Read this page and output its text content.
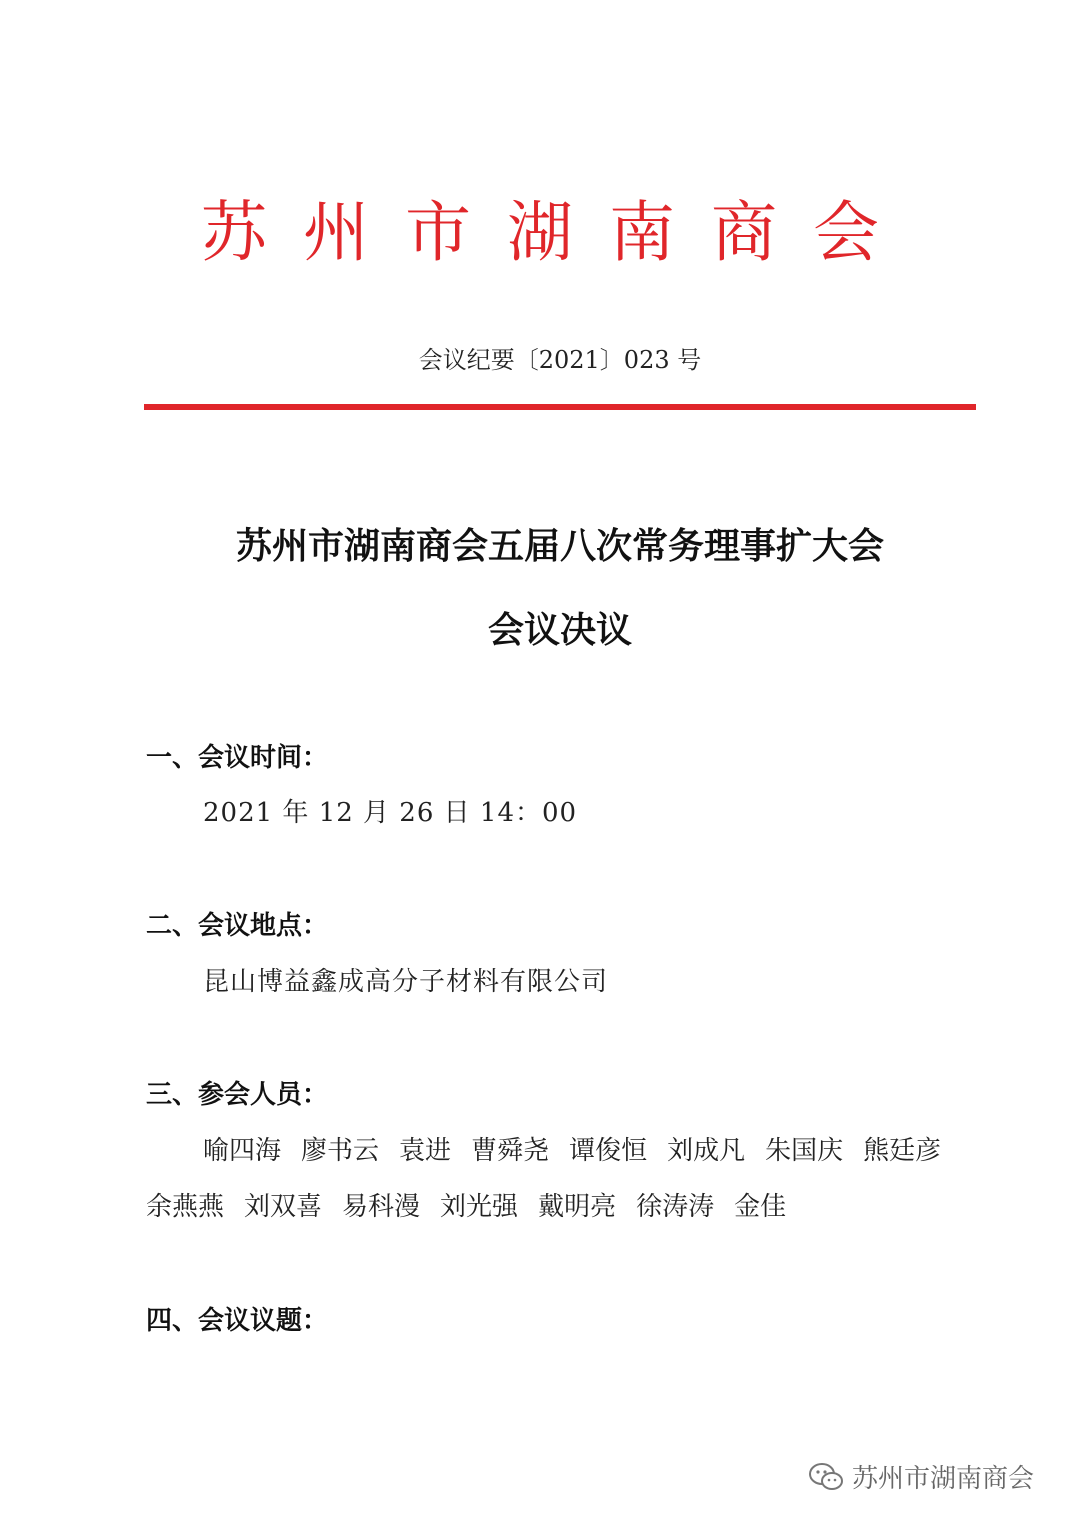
苏州市湖南商会
会议纪要〔2021〕023 号
苏州市湖南商会五届八次常务理事扩大会
会议决议
一、会议时间：
2021 年 12 月 26 日 14：00
二、会议地点：
昆山博益鑫成高分子材料有限公司
三、参会人员：
喻四海 廖书云 袁进 曹舜尧 谭俊恒 刘成凡 朱国庆 熊廷彦
余燕燕 刘双喜 易科漫 刘光强 戴明亮 徐涛涛 金佳
四、会议议题：
苏州市湖南商会
